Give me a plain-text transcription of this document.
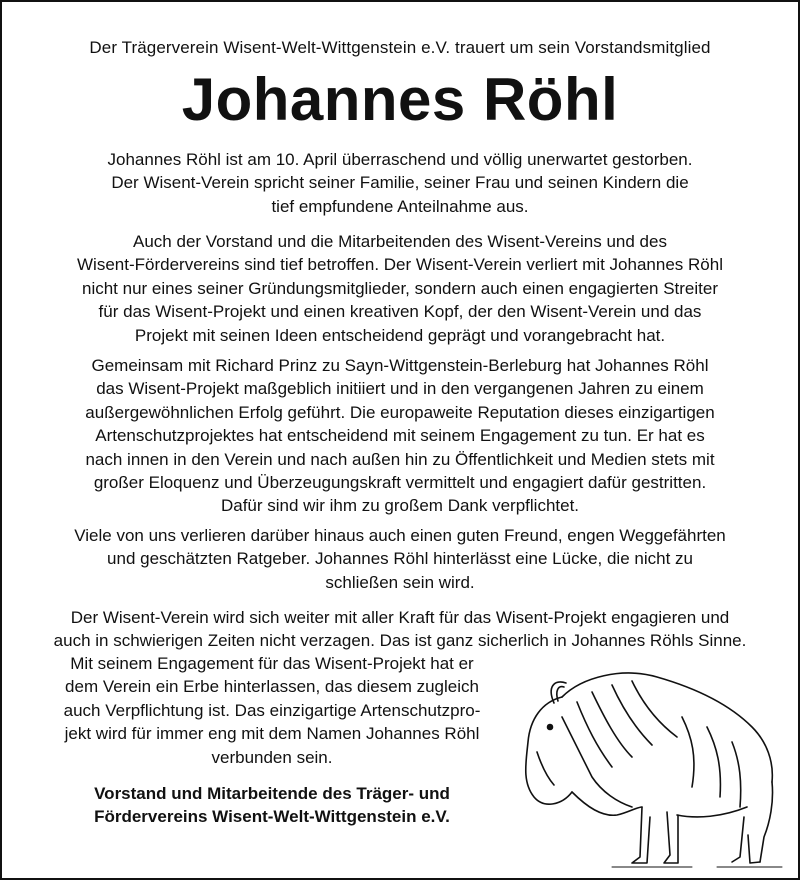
Der Trägerverein Wisent-Welt-Wittgenstein e.V. trauert um sein Vorstandsmitglied
Johannes Röhl

Johannes Röhl ist am 10. April überraschend und völlig unerwartet gestorben.
Der Wisent-Verein spricht seiner Familie, seiner Frau und seinen Kindern die
tief empfundene Anteilnahme aus.

Auch der Vorstand und die Mitarbeitenden des Wisent-Vereins und des
Wisent-Fördervereins sind tief betroffen. Der Wisent-Verein verliert mit Johannes Röhl
nicht nur eines seiner Gründungsmitglieder, sondern auch einen engagierten Streiter
für das Wisent-Projekt und einen kreativen Kopf, der den Wisent-Verein und das
Projekt mit seinen Ideen entscheidend geprägt und vorangebracht hat.

Gemeinsam mit Richard Prinz zu Sayn-Wittgenstein-Berleburg hat Johannes Röhl
das Wisent-Projekt maßgeblich initiiert und in den vergangenen Jahren zu einem
außergewöhnlichen Erfolg geführt. Die europaweite Reputation dieses einzigartigen
Artenschutzprojektes hat entscheidend mit seinem Engagement zu tun. Er hat es
nach innen in den Verein und nach außen hin zu Öffentlichkeit und Medien stets mit
großer Eloquenz und Überzeugungskraft vermittelt und engagiert dafür gestritten.
Dafür sind wir ihm zu großem Dank verpflichtet.

Viele von uns verlieren darüber hinaus auch einen guten Freund, engen Weggefährten
und geschätzten Ratgeber. Johannes Röhl hinterlässt eine Lücke, die nicht zu
schließen sein wird.

Der Wisent-Verein wird sich weiter mit aller Kraft für das Wisent-Projekt engagieren und
auch in schwierigen Zeiten nicht verzagen. Das ist ganz sicherlich in Johannes Röhls Sinne.

Mit seinem Engagement für das Wisent-Projekt hat er
dem Verein ein Erbe hinterlassen, das diesem zugleich
auch Verpflichtung ist. Das einzigartige Artenschutzpro-
jekt wird für immer eng mit dem Namen Johannes Röhl
verbunden sein.

Vorstand und Mitarbeitende des Träger- und
Fördervereins Wisent-Welt-Wittgenstein e.V.
